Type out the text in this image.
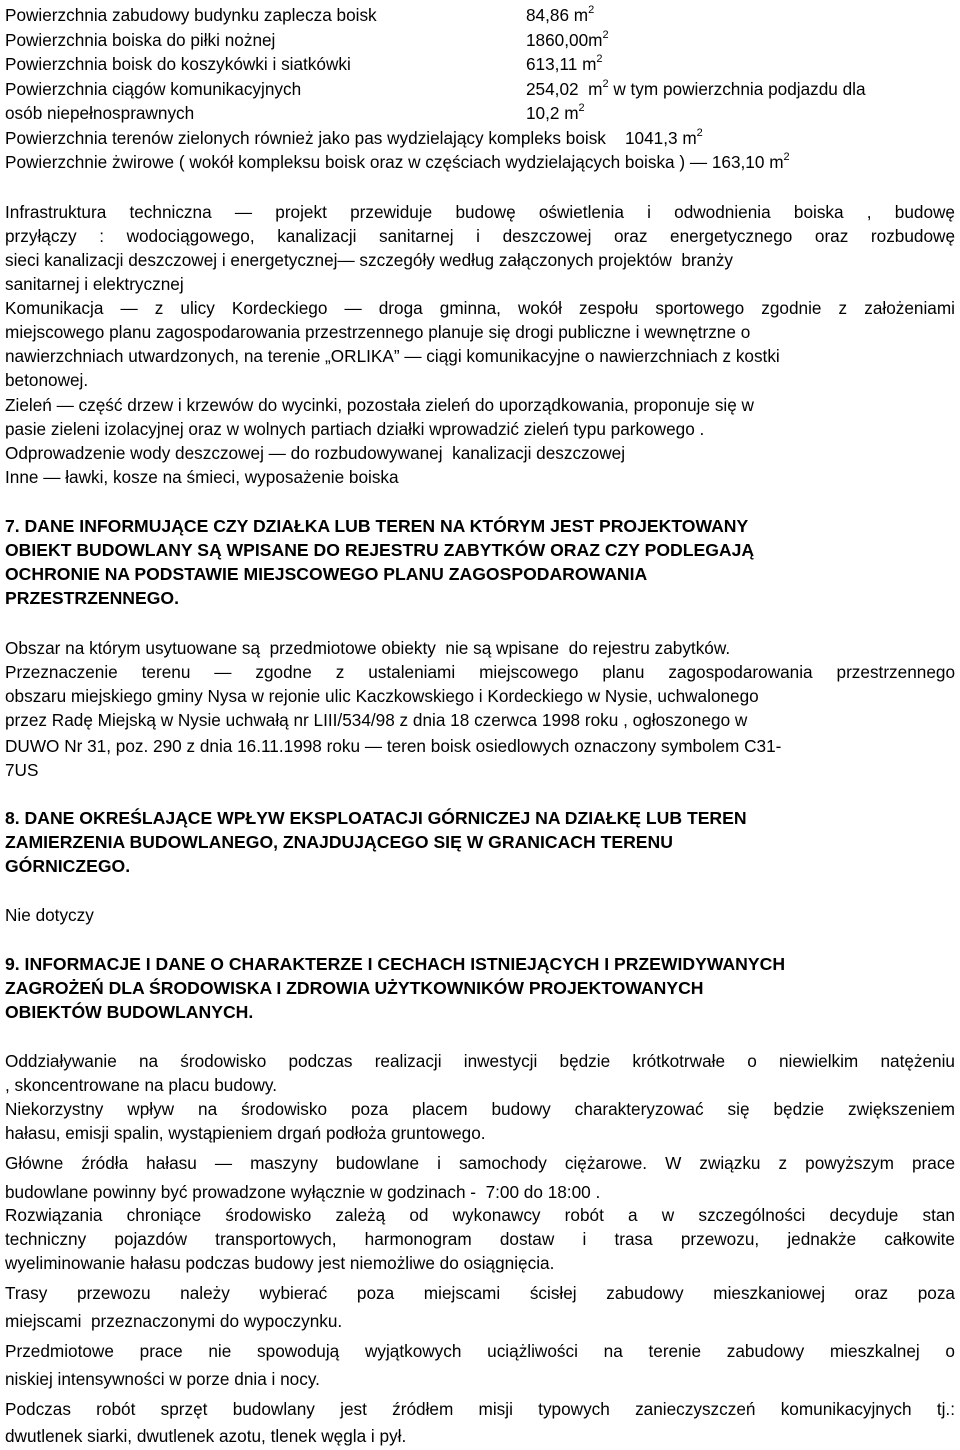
Powierzchnia zabudowy budynku zaplecza boisk	84,86 $m^2$
Powierzchnia boiska do piłki nożnej	$1860,00m^2$
Powierzchnia boisk do koszykówki i siatkówki	613,11 $m^2$
Powierzchnia ciągów komunikacyjnych	254,02  $m^2$ w tym powierzchnia podjazdu dla
osób niepełnosprawnych	10,2 $m^2$
Powierzchnia terenów zielonych również jako pas wydzielający kompleks boisk    1041,3 $m^2$
Powierzchnie żwirowe ( wokół kompleksu boisk oraz w częściach wydzielających boiska ) — 163,10 $m^2$
Infrastruktura techniczna — projekt przewiduje budowę oświetlenia i odwodnienia boiska , budowę
przyłączy : wodociągowego, kanalizacji sanitarnej i deszczowej oraz energetycznego oraz rozbudowę
sieci kanalizacji deszczowej i energetycznej— szczegóły według załączonych projektów  branży
sanitarnej i elektrycznej
Komunikacja — z ulicy Kordeckiego — droga gminna, wokół zespołu sportowego zgodnie z założeniami
miejscowego planu zagospodarowania przestrzennego planuje się drogi publiczne i wewnętrzne o
nawierzchniach utwardzonych, na terenie „ORLIKA” — ciągi komunikacyjne o nawierzchniach z kostki
betonowej.
Zieleń — część drzew i krzewów do wycinki, pozostała zieleń do uporządkowania, proponuje się w
pasie zieleni izolacyjnej oraz w wolnych partiach działki wprowadzić zieleń typu parkowego .
Odprowadzenie wody deszczowej — do rozbudowywanej  kanalizacji deszczowej
Inne — ławki, kosze na śmieci, wyposażenie boiska
7. DANE INFORMUJĄCE CZY DZIAŁKA LUB TEREN NA KTÓRYM JEST PROJEKTOWANY
OBIEKT BUDOWLANY SĄ WPISANE DO REJESTRU ZABYTKÓW ORAZ CZY PODLEGAJĄ
OCHRONIE NA PODSTAWIE MIEJSCOWEGO PLANU ZAGOSPODAROWANIA
PRZESTRZENNEGO.
Obszar na którym usytuowane są  przedmiotowe obiekty  nie są wpisane  do rejestru zabytków.
Przeznaczenie terenu — zgodne z ustaleniami miejscowego planu zagospodarowania przestrzennego
obszaru miejskiego gminy Nysa w rejonie ulic Kaczkowskiego i Kordeckiego w Nysie, uchwalonego
przez Radę Miejską w Nysie uchwałą nr LIII/534/98 z dnia 18 czerwca 1998 roku , ogłoszonego w
DUWO Nr 31, poz. 290 z dnia 16.11.1998 roku — teren boisk osiedlowych oznaczony symbolem C31-
7US
8. DANE OKREŚLAJĄCE WPŁYW EKSPLOATACJI GÓRNICZEJ NA DZIAŁKĘ LUB TEREN
ZAMIERZENIA BUDOWLANEGO, ZNAJDUJĄCEGO SIĘ W GRANICACH TERENU
GÓRNICZEGO.
Nie dotyczy
9. INFORMACJE I DANE O CHARAKTERZE I CECHACH ISTNIEJĄCYCH I PRZEWIDYWANYCH
ZAGROŻEŃ DLA ŚRODOWISKA I ZDROWIA UŻYTKOWNIKÓW PROJEKTOWANYCH
OBIEKTÓW BUDOWLANYCH.
Oddziaływanie na środowisko podczas realizacji inwestycji będzie krótkotrwałe o niewielkim natężeniu
, skoncentrowane na placu budowy.
Niekorzystny wpływ na środowisko poza placem budowy charakteryzować się będzie zwiększeniem
hałasu, emisji spalin, wystąpieniem drgań podłoża gruntowego.
Główne źródła hałasu — maszyny budowlane i samochody ciężarowe. W związku z powyższym prace
budowlane powinny być prowadzone wyłącznie w godzinach -  7:00 do 18:00 .
Rozwiązania chroniące środowisko zależą od wykonawcy robót a w szczególności decyduje stan
techniczny pojazdów transportowych, harmonogram dostaw i trasa przewozu, jednakże całkowite
wyeliminowanie hałasu podczas budowy jest niemożliwe do osiągnięcia.
Trasy przewozu należy wybierać poza miejscami ścisłej zabudowy mieszkaniowej oraz poza
miejscami  przeznaczonymi do wypoczynku.
Przedmiotowe prace nie spowodują wyjątkowych uciążliwości na terenie zabudowy mieszkalnej o
niskiej intensywności w porze dnia i nocy.
Podczas robót sprzęt budowlany jest źródłem misji typowych zanieczyszczeń komunikacyjnych tj.:
dwutlenek siarki, dwutlenek azotu, tlenek węgla i pył.
